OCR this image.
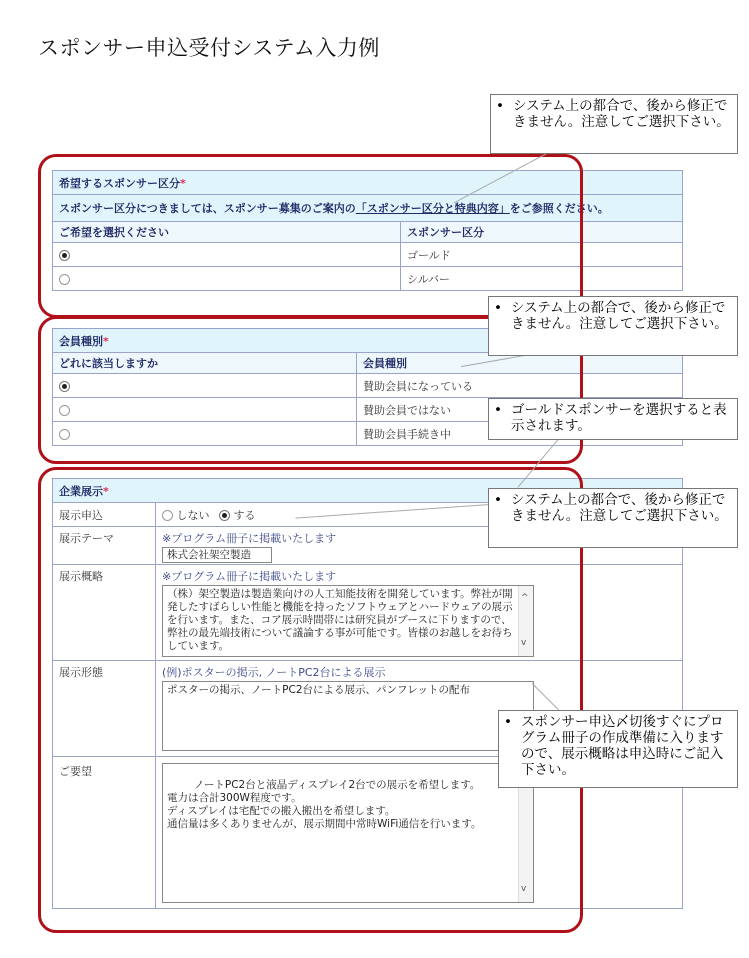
スポンサー申込受付システム入力例
希望するスポンサー区分*	
スポンサー区分につきましては、スポンサー募集のご案内の「スポンサー区分と特典内容」をご参照ください。	
ご希望を選択ください	スポンサー区分
	ゴールド
	シルバー
会員種別*	
どれに該当しますか	会員種別
	賛助会員になっている
	賛助会員ではない
	賛助会員手続き中
企業展示*	
展示申込	しない する
展示テーマ	※プログラム冊子に掲載いたします
株式会社架空製造

展示概略	※プログラム冊子に掲載いたします
（株）架空製造は製造業向けの人工知能技術を開発しています。弊社が開発したすばらしい性能と機能を持ったソフトウェアとハードウェアの展示を行います。また、コア展示時間帯には研究員がブースに下りますので、弊社の最先端技術について議論する事が可能です。皆様のお越しをお待ちしています。
^
v

展示形態	(例)ポスターの掲示, ノートPC2台による展示
ポスターの掲示、ノートPC2台による展示、パンフレットの配布

ご要望	ノートPC2台と液晶ディスプレイ2台での展示を希望します。
電力は合計300W程度です。
ディスプレイは宅配での搬入搬出を希望します。
通信量は多くありませんが、展示期間中常時WiFi通信を行います。

v

• システム上の都合で、後から修正できません。注意してご選択下さい。
• システム上の都合で、後から修正できません。注意してご選択下さい。
• ゴールドスポンサーを選択すると表示されます。
• システム上の都合で、後から修正できません。注意してご選択下さい。
• スポンサー申込〆切後すぐにプログラム冊子の作成準備に入りますので、展示概略は申込時にご記入下さい。
